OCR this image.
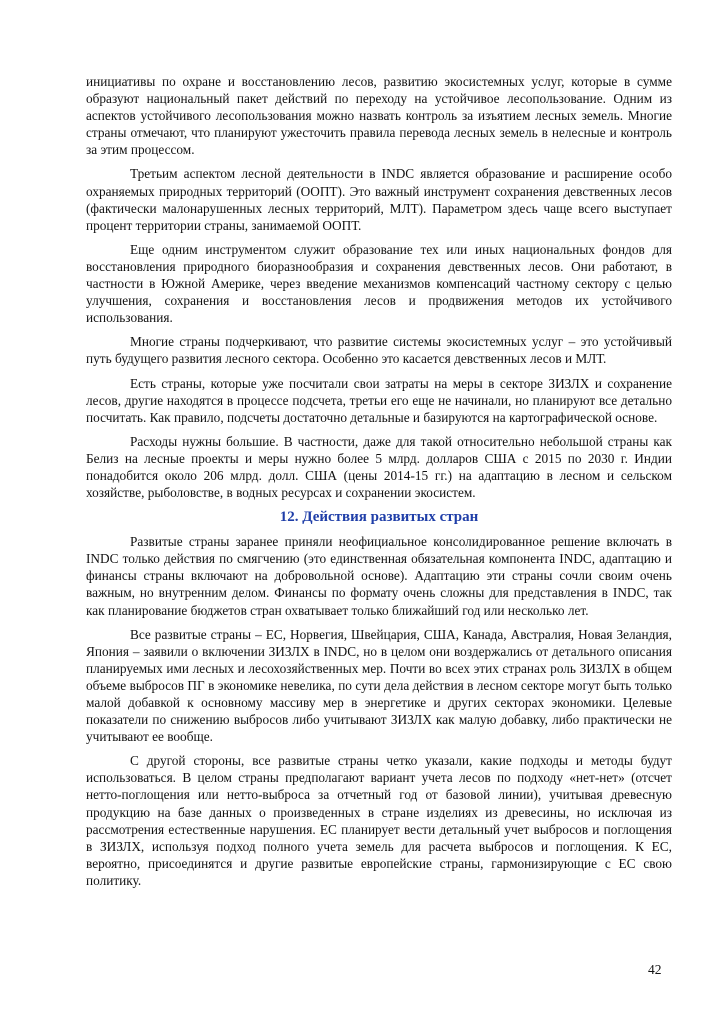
инициативы по охране и восстановлению лесов, развитию экосистемных услуг, которые в сумме образуют национальный пакет действий по переходу на устойчивое лесопользование. Одним из аспектов устойчивого лесопользования можно назвать контроль за изъятием лесных земель. Многие страны отмечают, что планируют ужесточить правила перевода лесных земель в нелесные и контроль за этим процессом.

Третьим аспектом лесной деятельности в INDC является образование и расширение особо охраняемых природных территорий (ООПТ). Это важный инструмент сохранения девственных лесов (фактически малонарушенных лесных территорий, МЛТ). Параметром здесь чаще всего выступает процент территории страны, занимаемой ООПТ.

Еще одним инструментом служит образование тех или иных национальных фондов для восстановления природного биоразнообразия и сохранения девственных лесов. Они работают, в частности в Южной Америке, через введение механизмов компенсаций частному сектору с целью улучшения, сохранения и восстановления лесов и продвижения методов их устойчивого использования.

Многие страны подчеркивают, что развитие системы экосистемных услуг – это устойчивый путь будущего развития лесного сектора. Особенно это касается девственных лесов и МЛТ.

Есть страны, которые уже посчитали свои затраты на меры в секторе ЗИЗЛХ и сохранение лесов, другие находятся в процессе подсчета, третьи его еще не начинали, но планируют все детально посчитать. Как правило, подсчеты достаточно детальные и базируются на картографической основе.

Расходы нужны большие. В частности, даже для такой относительно небольшой страны как Белиз на лесные проекты и меры нужно более 5 млрд. долларов США с 2015 по 2030 г. Индии понадобится около 206 млрд. долл. США (цены 2014-15 гг.) на адаптацию в лесном и сельском хозяйстве, рыболовстве, в водных ресурсах и сохранении экосистем.

12. Действия развитых стран

Развитые страны заранее приняли неофициальное консолидированное решение включать в INDC только действия по смягчению (это единственная обязательная компонента INDC, адаптацию и финансы страны включают на добровольной основе). Адаптацию эти страны сочли своим очень важным, но внутренним делом. Финансы по формату очень сложны для представления в INDC, так как планирование бюджетов стран охватывает только ближайший год или несколько лет.

Все развитые страны – ЕС, Норвегия, Швейцария, США, Канада, Австралия, Новая Зеландия, Япония – заявили о включении ЗИЗЛХ в INDC, но в целом они воздержались от детального описания планируемых ими лесных и лесохозяйственных мер. Почти во всех этих странах роль ЗИЗЛХ в общем объеме выбросов ПГ в экономике невелика, по сути дела действия в лесном секторе могут быть только малой добавкой к основному массиву мер в энергетике и других секторах экономики. Целевые показатели по снижению выбросов либо учитывают ЗИЗЛХ как малую добавку, либо практически не учитывают ее вообще.

С другой стороны, все развитые страны четко указали, какие подходы и методы будут использоваться. В целом страны предполагают вариант учета лесов по подходу «нет-нет» (отсчет нетто-поглощения или нетто-выброса за отчетный год от базовой линии), учитывая древесную продукцию на базе данных о произведенных в стране изделиях из древесины, но исключая из рассмотрения естественные нарушения. ЕС планирует вести детальный учет выбросов и поглощения в ЗИЗЛХ, используя подход полного учета земель для расчета выбросов и поглощения. К ЕС, вероятно, присоединятся и другие развитые европейские страны, гармонизирующие с ЕС свою политику.

42
